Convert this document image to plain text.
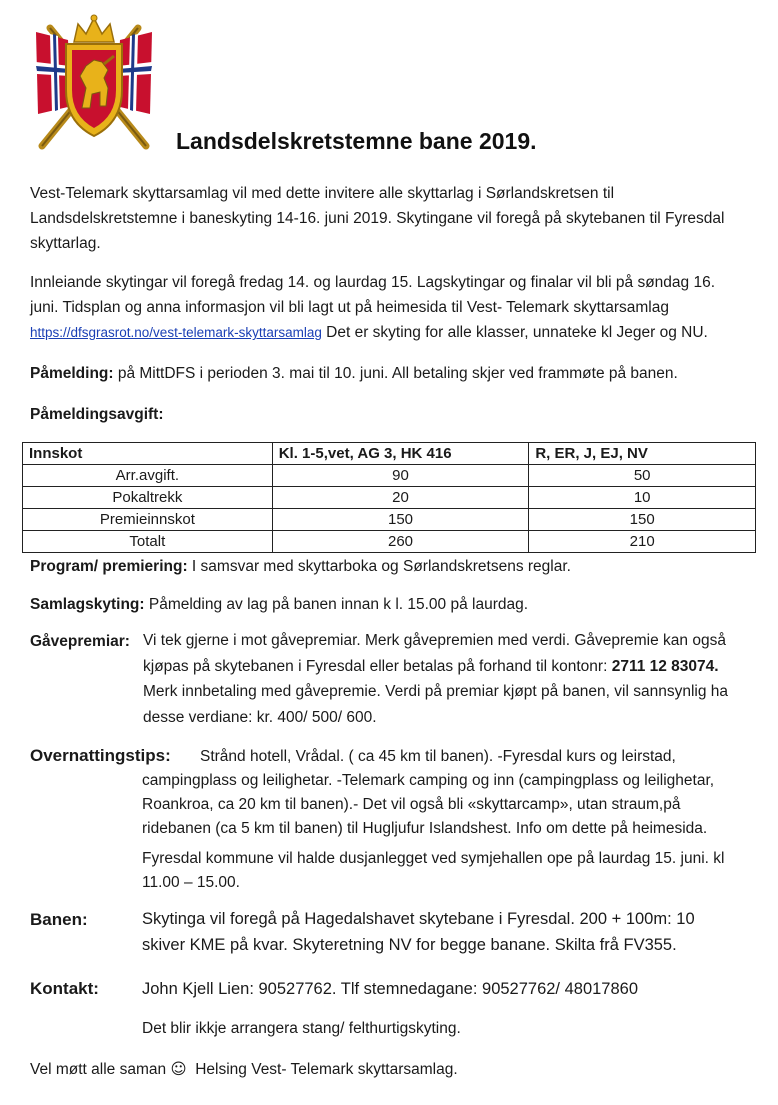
Landsdelskretstemne bane 2019.
Vest-Telemark skyttarsamlag vil med dette invitere alle skyttarlag i Sørlandskretsen til
Landsdelskretstemne i baneskyting 14-16. juni 2019. Skytingane vil foregå på skytebanen til Fyresdal
skyttarlag.
Innleiande skytingar vil foregå fredag 14. og laurdag 15. Lagskytingar og finalar vil bli på søndag 16.
juni. Tidsplan og anna informasjon vil bli lagt ut på heimesida til Vest- Telemark skyttarsamlag
https://dfsgrasrot.no/vest-telemark-skyttarsamlag Det er skyting for alle klasser, unnateke kl Jeger og NU.
Påmelding: på MittDFS i perioden 3. mai til 10. juni. All betaling skjer ved frammøte på banen.
Påmeldingsavgift:
Innskot	Kl. 1-5,vet, AG 3, HK 416	R, ER, J, EJ, NV
Arr.avgift.	90	50
Pokaltrekk	20	10
Premieinnskot	150	150
Totalt	260	210
Program/ premiering: I samsvar med skyttarboka og Sørlandskretsens reglar.
Samlagskyting: Påmelding av lag på banen innan k l. 15.00 på laurdag.
Gåvepremiar: Vi tek gjerne i mot gåvepremiar. Merk gåvepremien med verdi. Gåvepremie kan også
kjøpas på skytebanen i Fyresdal eller betalas på forhand til kontonr: 2711 12 83074.
Merk innbetaling med gåvepremie. Verdi på premiar kjøpt på banen, vil sannsynlig ha
desse verdiane: kr. 400/ 500/ 600.
Overnattingstips: Strånd hotell, Vrådal. ( ca 45 km til banen). -Fyresdal kurs og leirstad,
campingplass og leilighetar. -Telemark camping og inn (campingplass og leilighetar,
Roankroa, ca 20 km til banen).- Det vil også bli «skyttarcamp», utan straum,på
ridebanen (ca 5 km til banen) til Hugljufur Islandshest. Info om dette på heimesida.
Fyresdal kommune vil halde dusjanlegget ved symjehallen ope på laurdag 15. juni. kl
11.00 – 15.00.
Banen:	Skytinga vil foregå på Hagedalshavet skytebane i Fyresdal. 200 + 100m: 10
skiver KME på kvar. Skyteretning NV for begge banane. Skilta frå FV355.
Kontakt:	John Kjell Lien: 90527762. Tlf stemnedagane: 90527762/ 48017860
Det blir ikkje arrangera stang/ felthurtigskyting.
Vel møtt alle saman ☺  Helsing Vest- Telemark skyttarsamlag.
